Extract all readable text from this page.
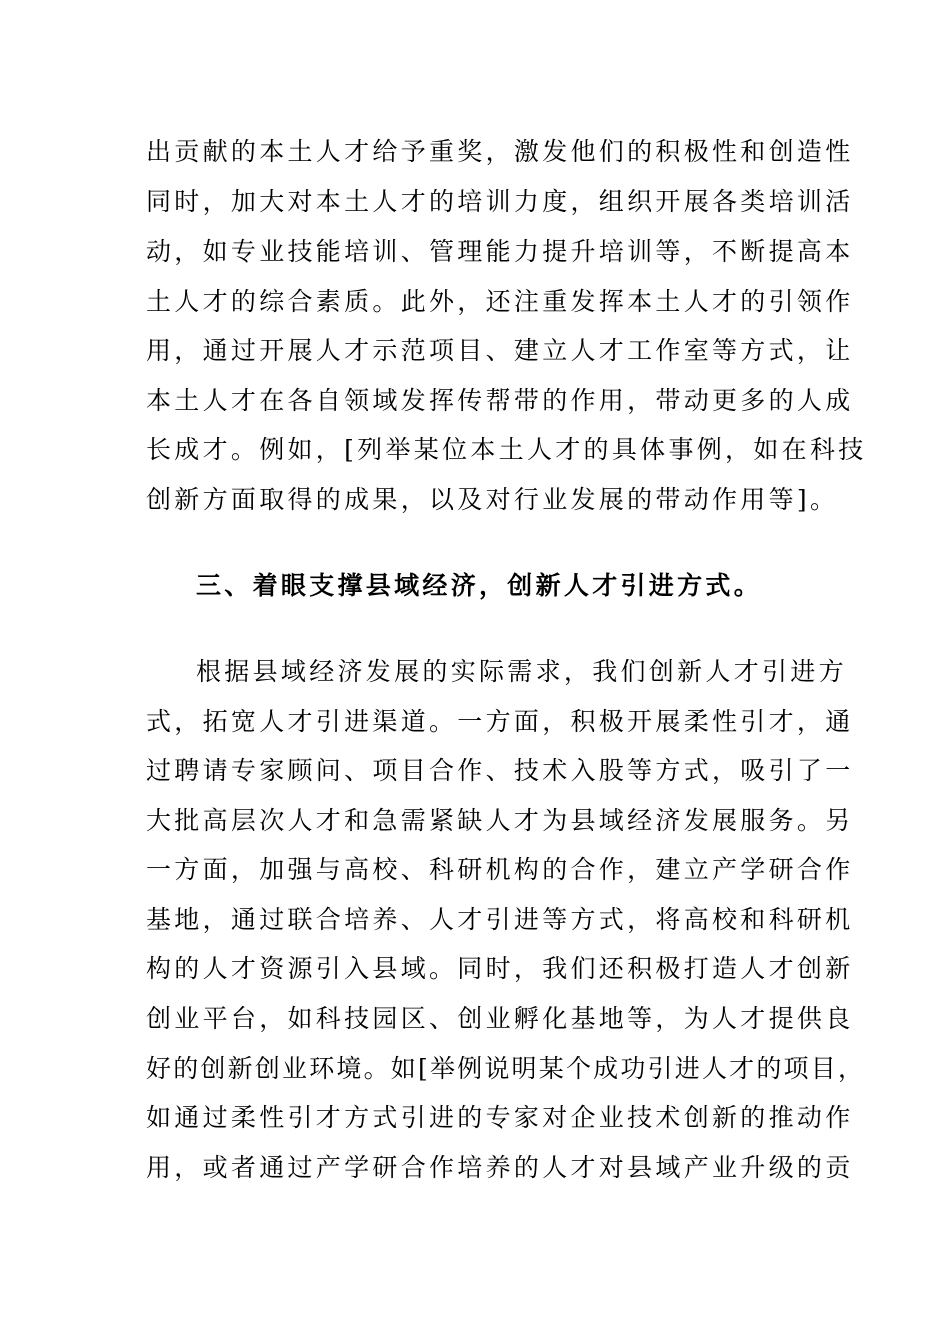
出贡献的本土人才给予重奖，激发他们的积极性和创造性
同时，加大对本土人才的培训力度，组织开展各类培训活
动，如专业技能培训、管理能力提升培训等，不断提高本
土人才的综合素质。此外，还注重发挥本土人才的引领作
用，通过开展人才示范项目、建立人才工作室等方式，让
本土人才在各自领域发挥传帮带的作用，带动更多的人成
长成才。例如，[列举某位本土人才的具体事例，如在科技
创新方面取得的成果，以及对行业发展的带动作用等]。
三、着眼支撑县域经济，创新人才引进方式。
根据县域经济发展的实际需求，我们创新人才引进方
式，拓宽人才引进渠道。一方面，积极开展柔性引才，通
过聘请专家顾问、项目合作、技术入股等方式，吸引了一
大批高层次人才和急需紧缺人才为县域经济发展服务。另
一方面，加强与高校、科研机构的合作，建立产学研合作
基地，通过联合培养、人才引进等方式，将高校和科研机
构的人才资源引入县域。同时，我们还积极打造人才创新
创业平台，如科技园区、创业孵化基地等，为人才提供良
好的创新创业环境。如[举例说明某个成功引进人才的项目，
如通过柔性引才方式引进的专家对企业技术创新的推动作
用，或者通过产学研合作培养的人才对县域产业升级的贡
